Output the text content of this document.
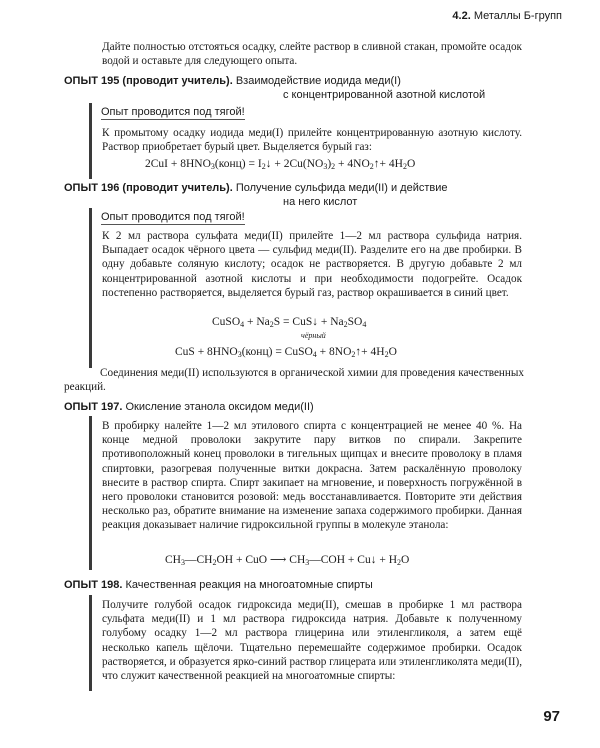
4.2. Металлы Б-групп
Дайте полностью отстояться осадку, слейте раствор в сливной стакан, промойте осадок водой и оставьте для следующего опыта.
ОПЫТ 195 (проводит учитель). Взаимодействие иодида меди(I)
с концентрированной азотной кислотой
Опыт проводится под тягой!
К промытому осадку иодида меди(I) прилейте концентрированную азотную кислоту. Раствор приобретает бурый цвет. Выделяется бурый газ:
$2CuI + 8HNO_3(конц)$ = $I_2↓ + 2Cu(NO_3)_2$ + $4NO_2↑+ 4H_2O$
ОПЫТ 196 (проводит учитель). Получение сульфида меди(II) и действие
на него кислот
Опыт проводится под тягой!
К 2 мл раствора сульфата меди(II) прилейте 1—2 мл раствора сульфида натрия. Выпадает осадок чёрного цвета — сульфид меди(II). Разделите его на две пробирки. В одну добавьте соляную кислоту; осадок не растворяется. В другую добавьте 2 мл концентрированной азотной кислоты и при необходимости подогрейте. Осадок постепенно растворяется, выделяется бурый газ, раствор окрашивается в синий цвет.
CuSO$_4$ + $Na_2S$ = CuS↓ + $Na_2SO_4$
чёрный
CuS + $8HNO_3(конц)$ = CuSO$_4$ + $8NO_2↑+ 4H_2O$
Соединения меди(II) используются в органической химии для проведения качественных реакций.
ОПЫТ 197. Окисление этанола оксидом меди(II)
В пробирку налейте 1—2 мл этилового спирта с концентрацией не менее 40 %. На конце медной проволоки закрутите пару витков по спирали. Закрепите противоположный конец проволоки в тигельных щипцах и внесите проволоку в пламя спиртовки, разогревая полученные витки докрасна. Затем раскалённую проволоку внесите в раствор спирта. Спирт закипает на мгновение, и поверхность погружённой в него проволоки становится розовой: медь восстанавливается. Повторите эти действия несколько раз, обратите внимание на изменение запаха содержимого пробирки. Данная реакция доказывает наличие гидроксильной группы в молекуле этанола:
$CH_3—CH_2OH$ + CuO ⟶ $CH_3—COH$ + Cu↓ + $H_2O$
ОПЫТ 198. Качественная реакция на многоатомные спирты
Получите голубой осадок гидроксида меди(II), смешав в пробирке 1 мл раствора сульфата меди(II) и 1 мл раствора гидроксида натрия. Добавьте к полученному голубому осадку 1—2 мл раствора глицерина или этиленгликоля, а затем ещё несколько капель щёлочи. Тщательно перемешайте содержимое пробирки. Осадок растворяется, и образуется ярко-синий раствор глицерата или этиленгликолята меди(II), что служит качественной реакцией на многоатомные спирты:
97
